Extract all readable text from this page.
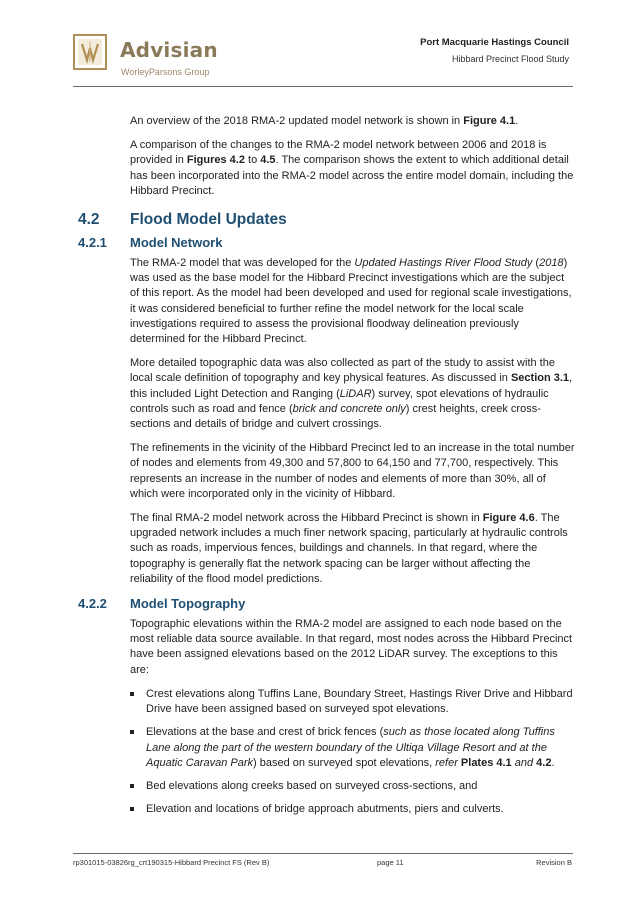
Advisian
WorleyParsons Group
Port Macquarie Hastings Council
Hibbard Precinct Flood Study

An overview of the 2018 RMA-2 updated model network is shown in Figure 4.1.

A comparison of the changes to the RMA-2 model network between 2006 and 2018 is provided in Figures 4.2 to 4.5. The comparison shows the extent to which additional detail has been incorporated into the RMA-2 model across the entire model domain, including the Hibbard Precinct.

4.2 Flood Model Updates
4.2.1 Model Network

The RMA-2 model that was developed for the Updated Hastings River Flood Study (2018) was used as the base model for the Hibbard Precinct investigations which are the subject of this report. As the model had been developed and used for regional scale investigations, it was considered beneficial to further refine the model network for the local scale investigations required to assess the provisional floodway delineation previously determined for the Hibbard Precinct.

More detailed topographic data was also collected as part of the study to assist with the local scale definition of topography and key physical features. As discussed in Section 3.1, this included Light Detection and Ranging (LiDAR) survey, spot elevations of hydraulic controls such as road and fence (brick and concrete only) crest heights, creek cross-sections and details of bridge and culvert crossings.

The refinements in the vicinity of the Hibbard Precinct led to an increase in the total number of nodes and elements from 49,300 and 57,800 to 64,150 and 77,700, respectively. This represents an increase in the number of nodes and elements of more than 30%, all of which were incorporated only in the vicinity of Hibbard.

The final RMA-2 model network across the Hibbard Precinct is shown in Figure 4.6. The upgraded network includes a much finer network spacing, particularly at hydraulic controls such as roads, impervious fences, buildings and channels. In that regard, where the topography is generally flat the network spacing can be larger without affecting the reliability of the flood model predictions.

4.2.2 Model Topography

Topographic elevations within the RMA-2 model are assigned to each node based on the most reliable data source available. In that regard, most nodes across the Hibbard Precinct have been assigned elevations based on the 2012 LiDAR survey. The exceptions to this are:

Crest elevations along Tuffins Lane, Boundary Street, Hastings River Drive and Hibbard Drive have been assigned based on surveyed spot elevations.
Elevations at the base and crest of brick fences (such as those located along Tuffins Lane along the part of the western boundary of the Ultiqa Village Resort and at the Aquatic Caravan Park) based on surveyed spot elevations, refer Plates 4.1 and 4.2.
Bed elevations along creeks based on surveyed cross-sections, and
Elevation and locations of bridge approach abutments, piers and culverts.
rp301015-03826rg_crt190315-Hibbard Precinct FS (Rev B)	page 11	Revision B
